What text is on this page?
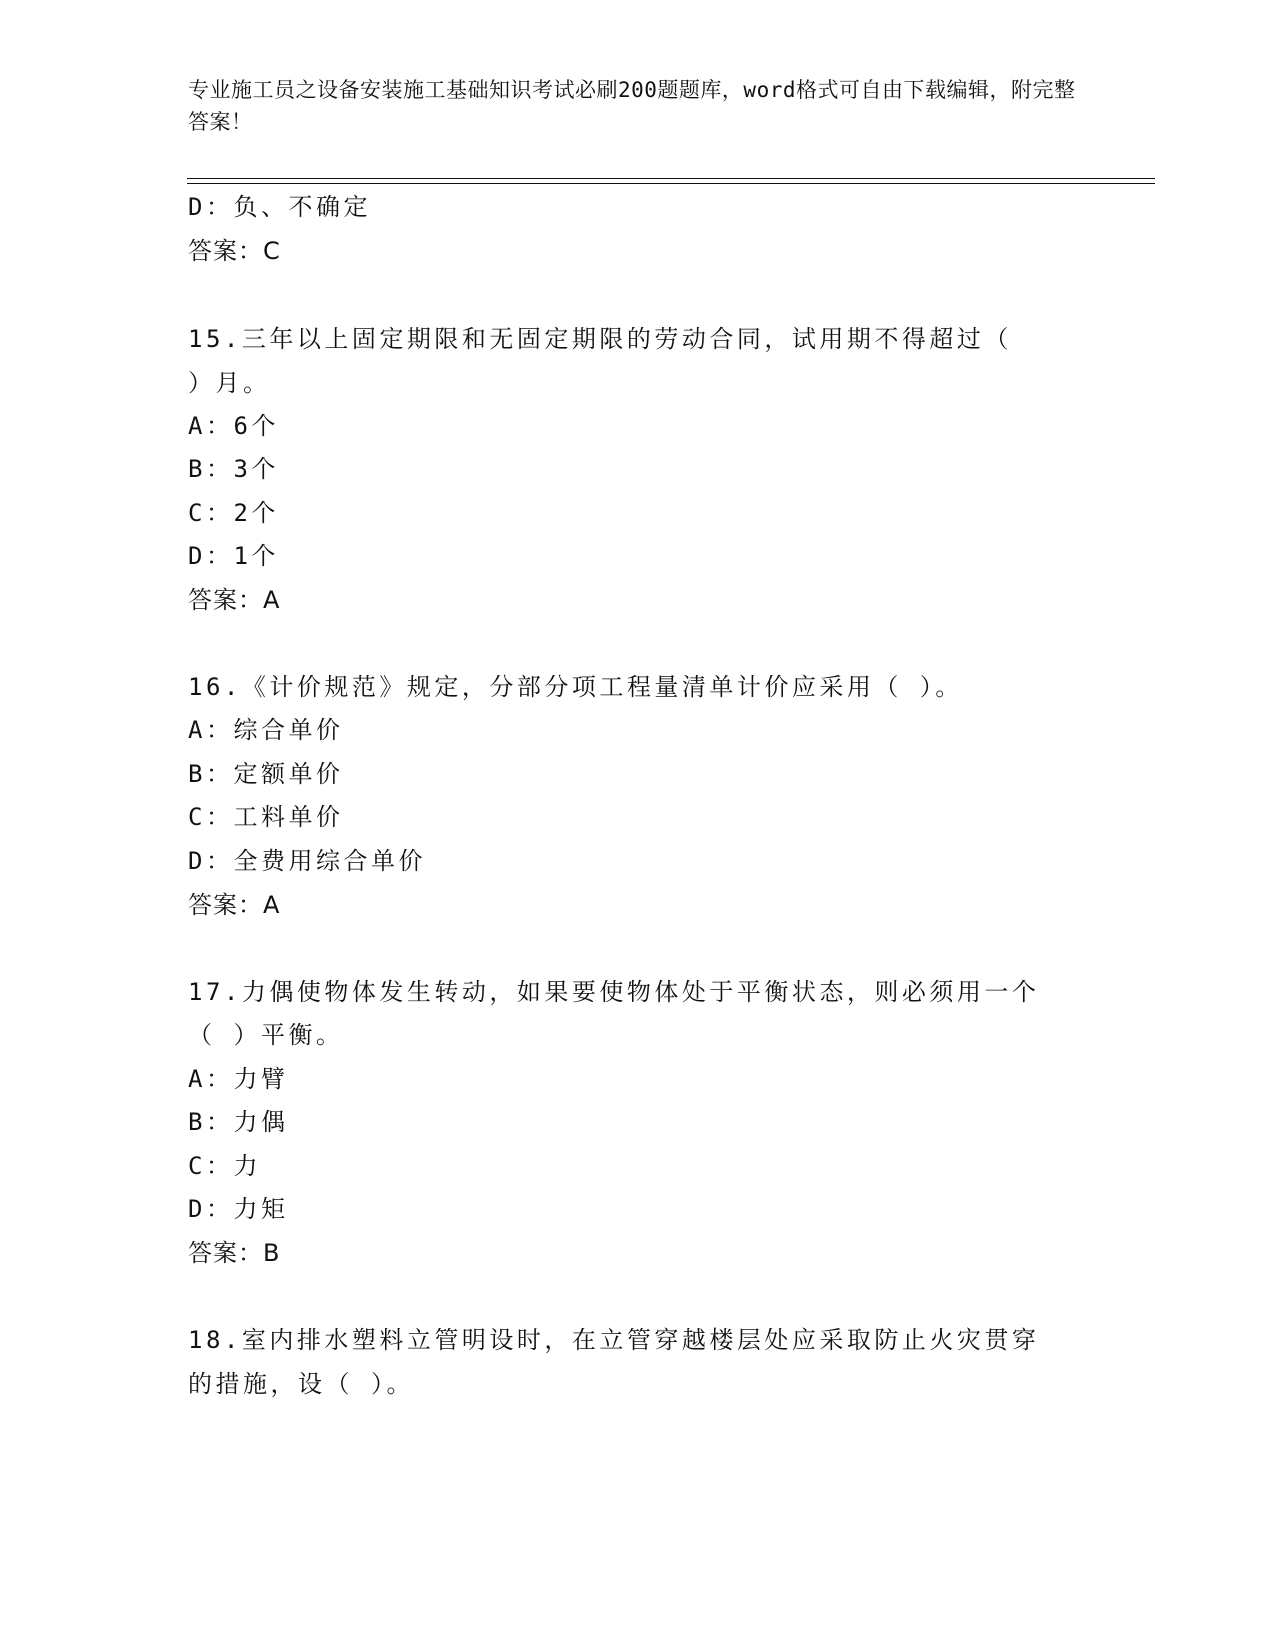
专业施工员之设备安装施工基础知识考试必刷200题题库，word格式可自由下载编辑，附完整答案！
D：负、不确定
答案：C
15.三年以上固定期限和无固定期限的劳动合同，试用期不得超过（
）月。
A：6个
B：3个
C：2个
D：1个
答案：A
16.《计价规范》规定，分部分项工程量清单计价应采用（ ）。
A：综合单价
B：定额单价
C：工料单价
D：全费用综合单价
答案：A
17.力偶使物体发生转动，如果要使物体处于平衡状态，则必须用一个
（ ）平衡。
A：力臂
B：力偶
C：力
D：力矩
答案：B
18.室内排水塑料立管明设时，在立管穿越楼层处应采取防止火灾贯穿
的措施，设（ ）。
